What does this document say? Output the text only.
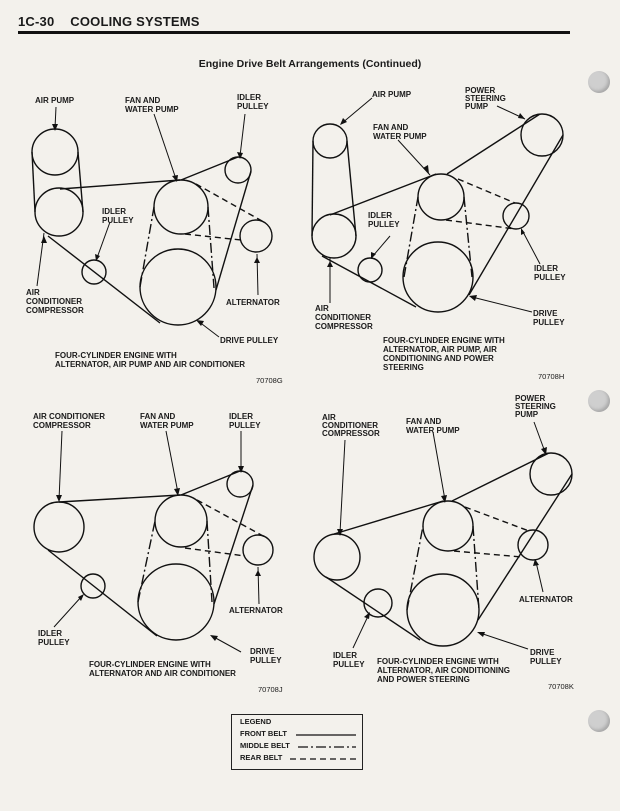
1C-30 COOLING SYSTEMS
Engine Drive Belt Arrangements (Continued)
AIR PUMP	FAN AND WATER PUMP
IDLER PULLEY
IDLER PULLEY
AIR CONDITIONER COMPRESSOR
ALTERNATOR
DRIVE PULLEY
FOUR-CYLINDER ENGINE WITH ALTERNATOR, AIR PUMP AND AIR CONDITIONER
70708G
AIR PUMP	POWER STEERING PUMP
FAN AND WATER PUMP
IDLER PULLEY
IDLER PULLEY
AIR CONDITIONER COMPRESSOR
DRIVE PULLEY
FOUR-CYLINDER ENGINE WITH ALTERNATOR, AIR PUMP, AIR CONDITIONING AND POWER STEERING
70708H
AIR CONDITIONER COMPRESSOR
FAN AND WATER PUMP
IDLER PULLEY
ALTERNATOR
IDLER PULLEY
DRIVE PULLEY
FOUR-CYLINDER ENGINE WITH ALTERNATOR AND AIR CONDITIONER
70708J
POWER STEERING PUMP
AIR CONDITIONER COMPRESSOR
FAN AND WATER PUMP
ALTERNATOR
IDLER PULLEY
DRIVE PULLEY
FOUR-CYLINDER ENGINE WITH ALTERNATOR, AIR CONDITIONING AND POWER STEERING
70708K
LEGEND
FRONT BELT
MIDDLE BELT
REAR BELT
